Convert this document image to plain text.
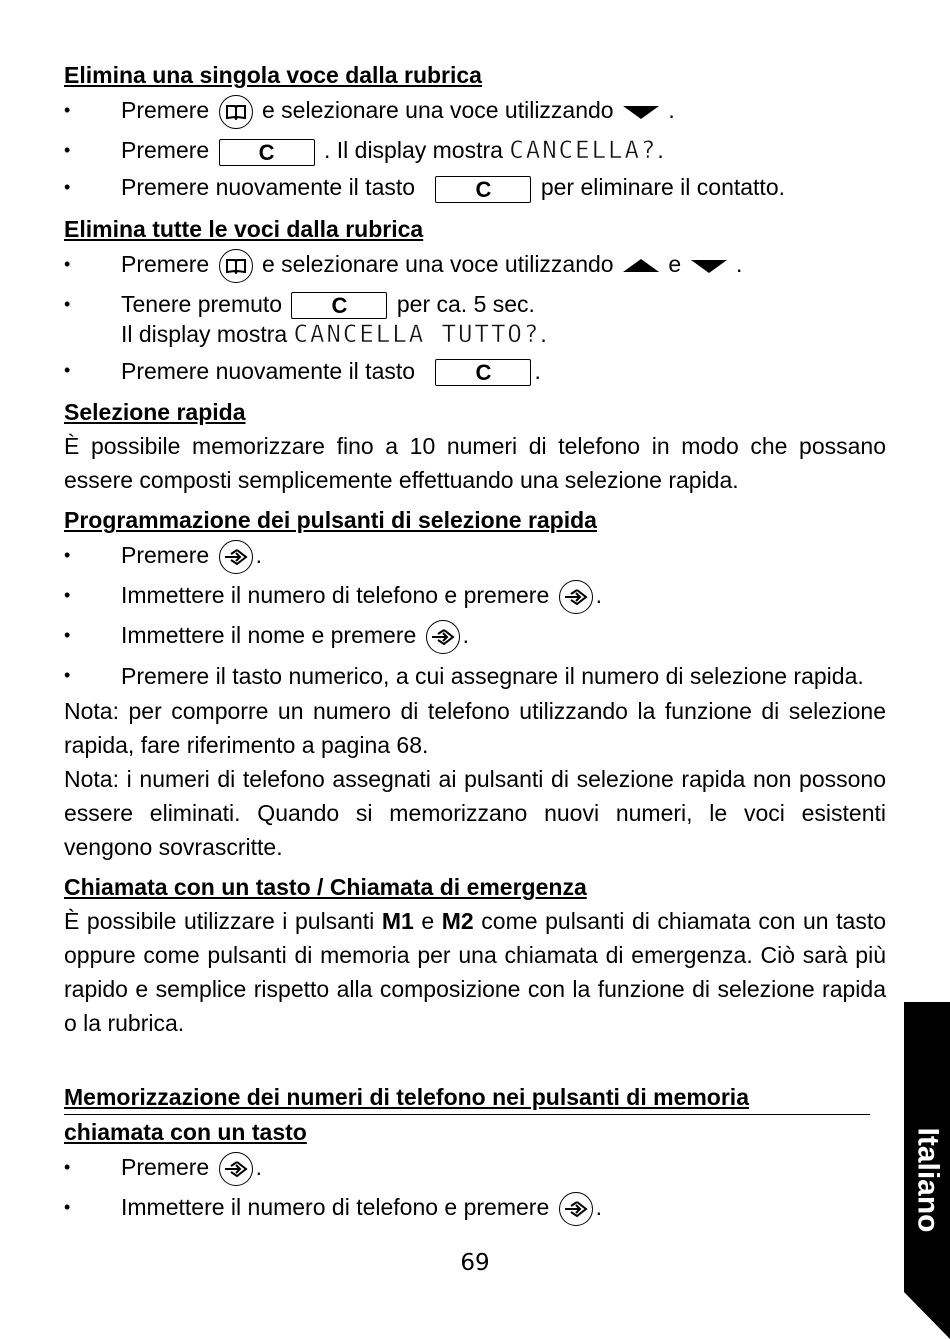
Elimina una singola voce dalla rubrica
•	Premere e selezionare una voce utilizzando .
•	Premere C . Il display mostra CANCELLA?.
•	Premere nuovamente il tasto	C per eliminare il contatto.
Elimina tutte le voci dalla rubrica
•	Premere e selezionare una voce utilizzando e .
•	Tenere premuto C per ca. 5 sec.
Il display mostra CANCELLA TUTTO?.
•	Premere nuovamente il tasto	C .
Selezione rapida

È possibile memorizzare fino a 10 numeri di telefono in modo che possano essere composti semplicemente effettuando una selezione rapida.

Programmazione dei pulsanti di selezione rapida
•	Premere .
•	Immettere il numero di telefono e premere .
•	Immettere il nome e premere .
•	Premere il tasto numerico, a cui assegnare il numero di selezione rapida.

Nota: per comporre un numero di telefono utilizzando la funzione di selezione rapida, fare riferimento a pagina 68.

Nota: i numeri di telefono assegnati ai pulsanti di selezione rapida non possono essere eliminati. Quando si memorizzano nuovi numeri, le voci esistenti vengono sovrascritte.

Chiamata con un tasto / Chiamata di emergenza

È possibile utilizzare i pulsanti M1 e M2 come pulsanti di chiamata con un tasto oppure come pulsanti di memoria per una chiamata di emergenza. Ciò sarà più rapido e semplice rispetto alla composizione con la funzione di selezione rapida o la rubrica.

Memorizzazione dei numeri di telefono nei pulsanti di memoria
chiamata con un tasto
•	Premere .
•	Immettere il numero di telefono e premere .
69
Italiano
